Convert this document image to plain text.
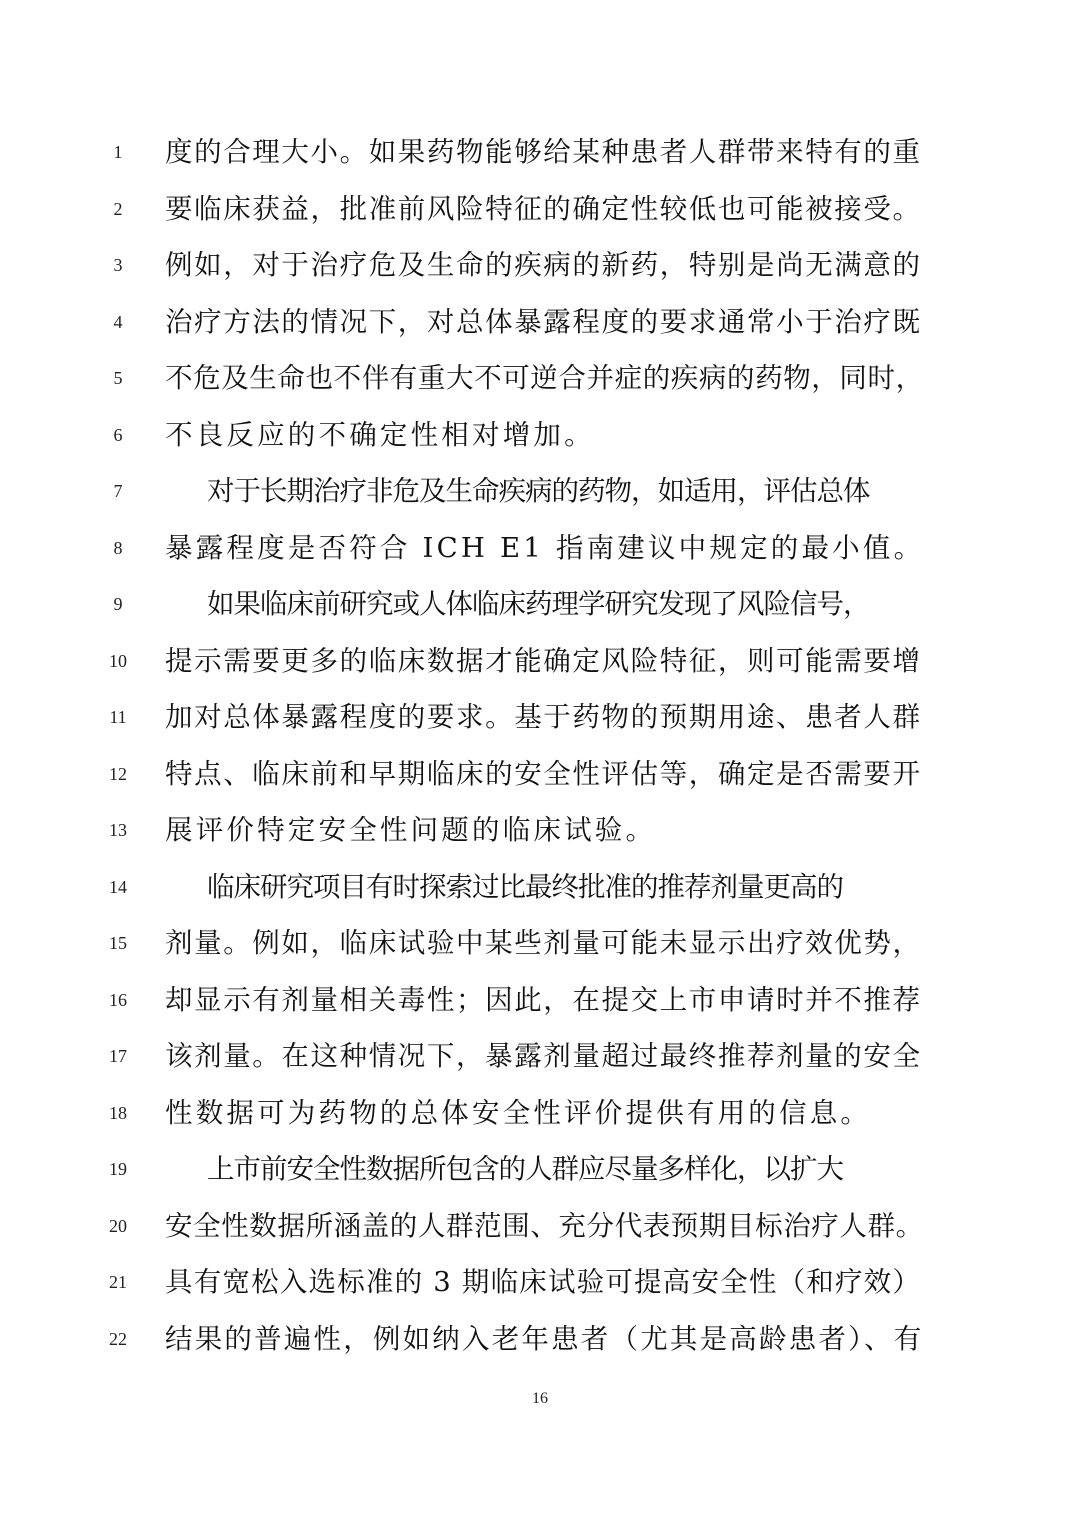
1	度的合理大小。如果药物能够给某种患者人群带来特有的重
2	要临床获益，批准前风险特征的确定性较低也可能被接受。
3	例如，对于治疗危及生命的疾病的新药，特别是尚无满意的
4	治疗方法的情况下，对总体暴露程度的要求通常小于治疗既
5	不危及生命也不伴有重大不可逆合并症的疾病的药物，同时，
6	不良反应的不确定性相对增加。
7	对于长期治疗非危及生命疾病的药物，如适用，评估总体
8	暴露程度是否符合 ICH E1 指南建议中规定的最小值。
9	如果临床前研究或人体临床药理学研究发现了风险信号，
10	提示需要更多的临床数据才能确定风险特征，则可能需要增
11	加对总体暴露程度的要求。基于药物的预期用途、患者人群
12	特点、临床前和早期临床的安全性评估等，确定是否需要开
13	展评价特定安全性问题的临床试验。
14	临床研究项目有时探索过比最终批准的推荐剂量更高的
15	剂量。例如，临床试验中某些剂量可能未显示出疗效优势，
16	却显示有剂量相关毒性；因此，在提交上市申请时并不推荐
17	该剂量。在这种情况下，暴露剂量超过最终推荐剂量的安全
18	性数据可为药物的总体安全性评价提供有用的信息。
19	上市前安全性数据所包含的人群应尽量多样化，以扩大
20	安全性数据所涵盖的人群范围、充分代表预期目标治疗人群。
21	具有宽松入选标准的 3 期临床试验可提高安全性（和疗效）
22	结果的普遍性，例如纳入老年患者（尤其是高龄患者）、有
16
